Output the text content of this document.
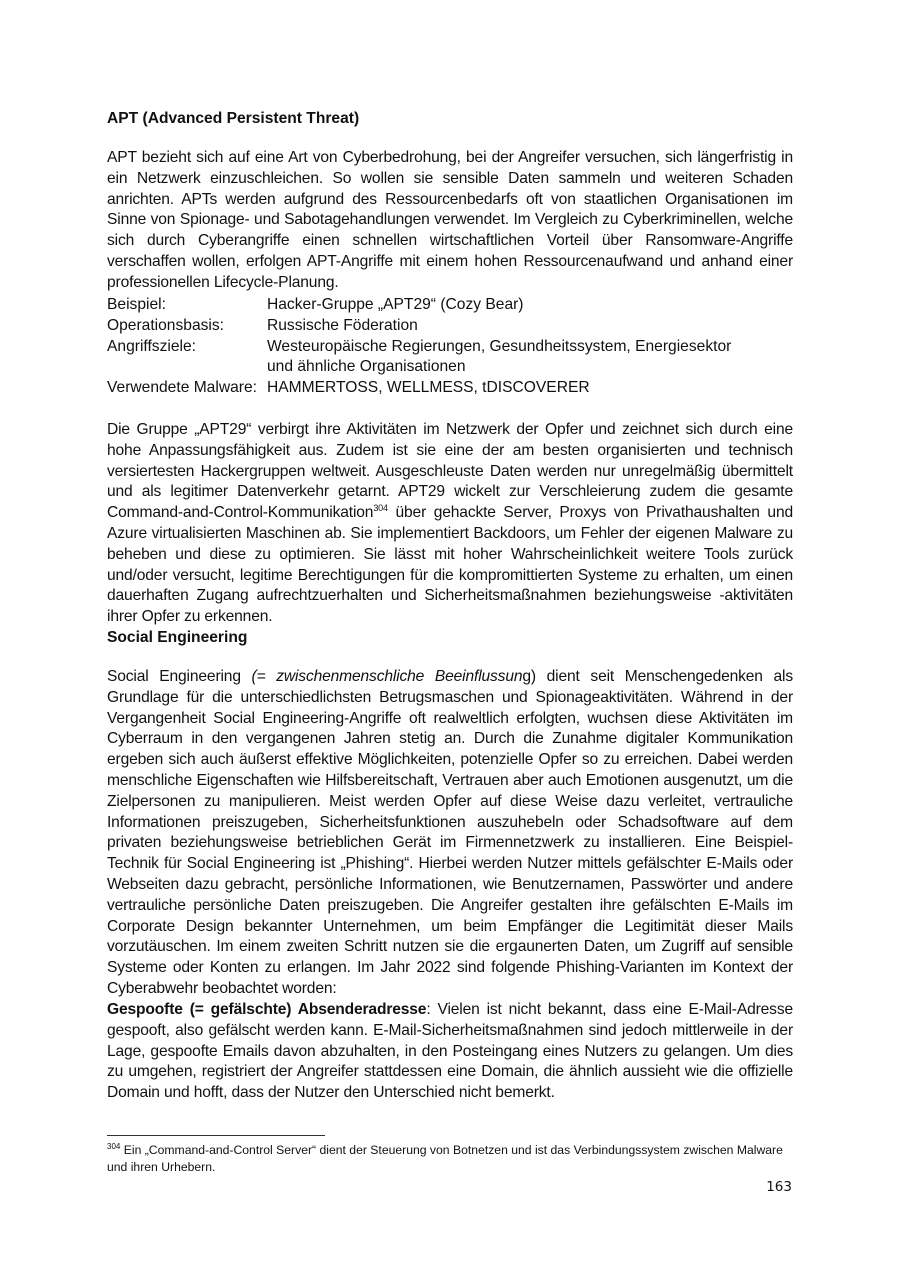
APT (Advanced Persistent Threat)

APT bezieht sich auf eine Art von Cyberbedrohung, bei der Angreifer versuchen, sich längerfristig in ein Netzwerk einzuschleichen. So wollen sie sensible Daten sammeln und weiteren Schaden anrichten. APTs werden aufgrund des Ressourcenbedarfs oft von staatlichen Organisationen im Sinne von Spionage- und Sabotagehandlungen verwendet. Im Vergleich zu Cyberkriminellen, welche sich durch Cyberangriffe einen schnellen wirtschaftlichen Vorteil über Ransomware-Angriffe verschaffen wollen, erfolgen APT-Angriffe mit einem hohen Ressourcenaufwand und anhand einer professionellen Lifecycle-Planung.

Beispiel:	Hacker-Gruppe „APT29“ (Cozy Bear)
Operationsbasis:	Russische Föderation
Angriffsziele:	Westeuropäische Regierungen, Gesundheitssystem, Energiesektor und ähnliche Organisationen
Verwendete Malware: HAMMERTOSS, WELLMESS, tDISCOVERER

Die Gruppe „APT29“ verbirgt ihre Aktivitäten im Netzwerk der Opfer und zeichnet sich durch eine hohe Anpassungsfähigkeit aus. Zudem ist sie eine der am besten organisierten und technisch versiertesten Hackergruppen weltweit. Ausgeschleuste Daten werden nur unregelmäßig übermittelt und als legitimer Datenverkehr getarnt. APT29 wickelt zur Verschleierung zudem die gesamte Command-and-Control-Kommunikation$^{304}$ über gehackte Server, Proxys von Privathaushalten und Azure virtualisierten Maschinen ab. Sie implementiert Backdoors, um Fehler der eigenen Malware zu beheben und diese zu optimieren. Sie lässt mit hoher Wahrscheinlichkeit weitere Tools zurück und/oder versucht, legitime Berechtigungen für die kompromittierten Systeme zu erhalten, um einen dauerhaften Zugang aufrechtzuerhalten und Sicherheitsmaßnahmen beziehungsweise -aktivitäten ihrer Opfer zu erkennen.

Social Engineering

Social Engineering (= zwischenmenschliche Beeinflussung) dient seit Menschengedenken als Grundlage für die unterschiedlichsten Betrugsmaschen und Spionageaktivitäten. Während in der Vergangenheit Social Engineering-Angriffe oft realweltlich erfolgten, wuchsen diese Aktivitäten im Cyberraum in den vergangenen Jahren stetig an. Durch die Zunahme digitaler Kommunikation ergeben sich auch äußerst effektive Möglichkeiten, potenzielle Opfer so zu erreichen. Dabei werden menschliche Eigenschaften wie Hilfsbereitschaft, Vertrauen aber auch Emotionen ausgenutzt, um die Zielpersonen zu manipulieren. Meist werden Opfer auf diese Weise dazu verleitet, vertrauliche Informationen preiszugeben, Sicherheitsfunktionen auszuhebeln oder Schadsoftware auf dem privaten beziehungsweise betrieblichen Gerät im Firmennetzwerk zu installieren. Eine Beispiel-Technik für Social Engineering ist „Phishing“. Hierbei werden Nutzer mittels gefälschter E-Mails oder Webseiten dazu gebracht, persönliche Informationen, wie Benutzernamen, Passwörter und andere vertrauliche persönliche Daten preiszugeben. Die Angreifer gestalten ihre gefälschten E-Mails im Corporate Design bekannter Unternehmen, um beim Empfänger die Legitimität dieser Mails vorzutäuschen. Im einem zweiten Schritt nutzen sie die ergaunerten Daten, um Zugriff auf sensible Systeme oder Konten zu erlangen. Im Jahr 2022 sind folgende Phishing-Varianten im Kontext der Cyberabwehr beobachtet worden:

Gespoofte (= gefälschte) Absenderadresse: Vielen ist nicht bekannt, dass eine E-Mail-Adresse gespooft, also gefälscht werden kann. E-Mail-Sicherheitsmaßnahmen sind jedoch mittlerweile in der Lage, gespoofte Emails davon abzuhalten, in den Posteingang eines Nutzers zu gelangen. Um dies zu umgehen, registriert der Angreifer stattdessen eine Domain, die ähnlich aussieht wie die offizielle Domain und hofft, dass der Nutzer den Unterschied nicht bemerkt.

$^{304}$ Ein „Command-and-Control Server“ dient der Steuerung von Botnetzen und ist das Verbindungssystem zwischen Malware und ihren Urhebern.
163
